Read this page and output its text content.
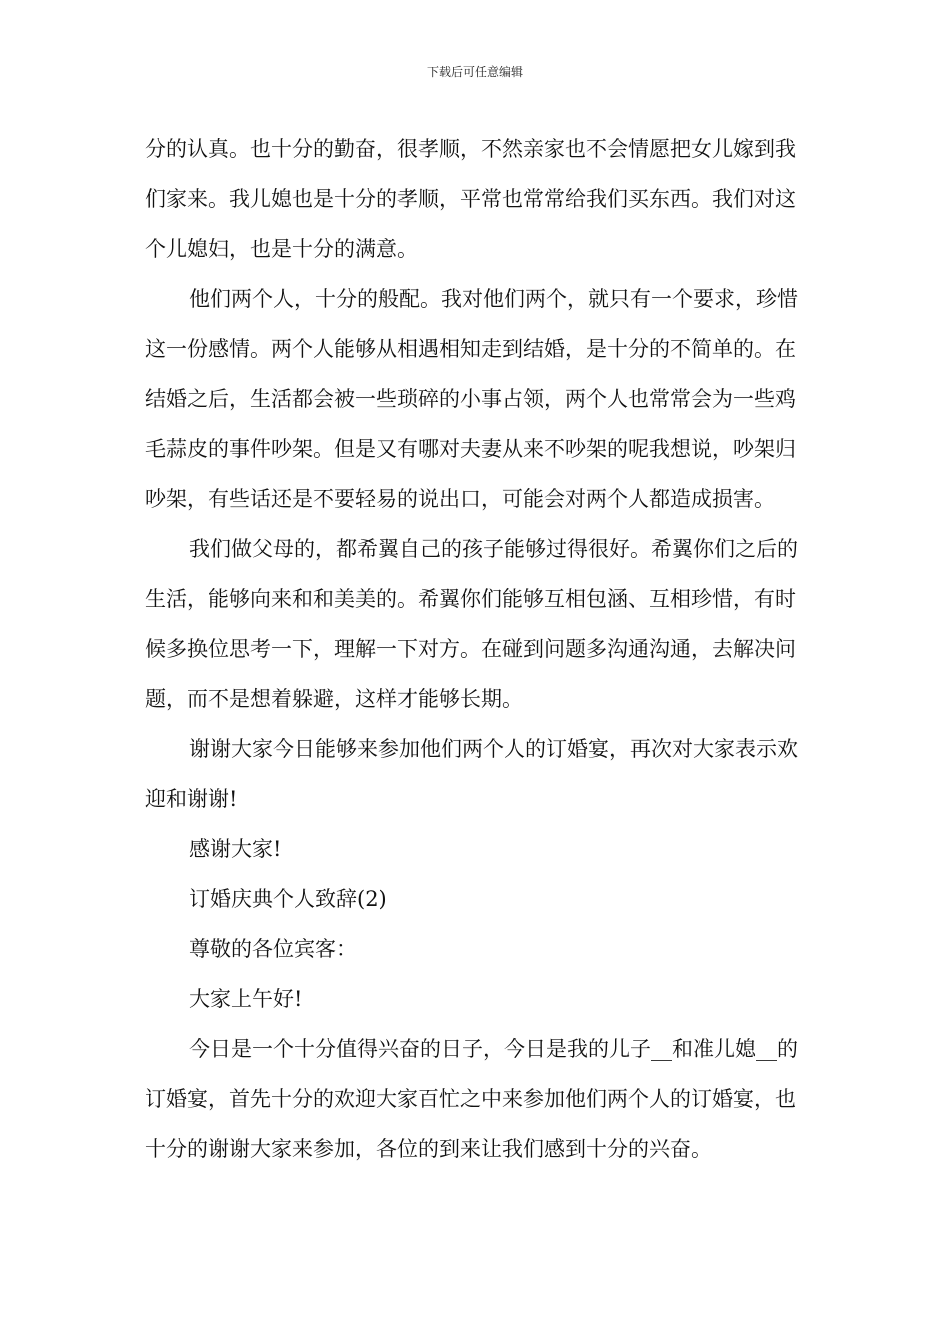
下载后可任意编辑

分的认真。也十分的勤奋，很孝顺，不然亲家也不会情愿把女儿嫁到我们家来。我儿媳也是十分的孝顺，平常也常常给我们买东西。我们对这个儿媳妇，也是十分的满意。

他们两个人，十分的般配。我对他们两个，就只有一个要求，珍惜这一份感情。两个人能够从相遇相知走到结婚，是十分的不简单的。在结婚之后，生活都会被一些琐碎的小事占领，两个人也常常会为一些鸡毛蒜皮的事件吵架。但是又有哪对夫妻从来不吵架的呢我想说，吵架归吵架，有些话还是不要轻易的说出口，可能会对两个人都造成损害。

我们做父母的，都希翼自己的孩子能够过得很好。希翼你们之后的生活，能够向来和和美美的。希翼你们能够互相包涵、互相珍惜，有时候多换位思考一下，理解一下对方。在碰到问题多沟通沟通，去解决问题，而不是想着躲避，这样才能够长期。

谢谢大家今日能够来参加他们两个人的订婚宴，再次对大家表示欢迎和谢谢!

感谢大家!

订婚庆典个人致辞(2)

尊敬的各位宾客：

大家上午好!

今日是一个十分值得兴奋的日子，今日是我的儿子__和准儿媳__的订婚宴，首先十分的欢迎大家百忙之中来参加他们两个人的订婚宴，也十分的谢谢大家来参加，各位的到来让我们感到十分的兴奋。
